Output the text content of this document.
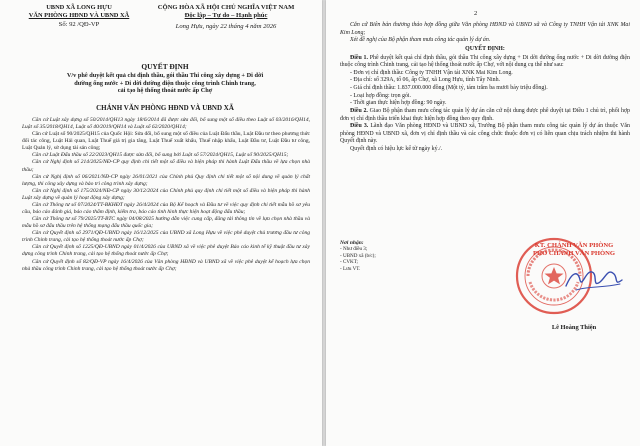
UBND XÃ LONG HỰU
VĂN PHÒNG HĐND VÀ UBND XÃ
Số: 92 /QĐ-VP
CỘNG HÒA XÃ HỘI CHỦ NGHĨA VIỆT NAM
Độc lập – Tự do – Hạnh phúc
Long Hựu, ngày 22 tháng 4 năm 2026
QUYẾT ĐỊNH
V/v phê duyệt kết quả chỉ định thầu, gói thầu Thi công xây dựng + Di dời
đường ống nước + Di dời đường điện thuộc công trình Chinh trang,
cải tạo hệ thống thoát nước ấp Chợ
CHÁNH VĂN PHÒNG HĐND VÀ UBND XÃ

Căn cứ Luật xây dựng số 50/2014/QH13 ngày 18/6/2014 đã được sửa đổi, bổ sung một số điều theo Luật số 03/2016/QH14, Luật số 35/2018/QH14, Luật số 40/2019/QH14 và Luật số 62/2020/QH14;

Căn cứ Luật số 90/2025/QH15 của Quốc Hội: Sửa đổi, bổ sung một số điều của Luật Đấu thầu, Luật Đầu tư theo phương thức đối tác công, Luật Hải quan, Luật Thuế giá trị gia tăng, Luật Thuế xuất khẩu, Thuế nhập khẩu, Luật Đầu tư, Luật Đầu tư công, Luật Quản lý, sử dụng tài sản công;

Căn cứ Luật Đấu thầu số 22/2023/QH15 được sửa đổi, bổ sung bởi Luật số 57/2024/QH15, Luật số 90/2025/QH15;

Căn cứ Nghị định số 214/2025/NĐ-CP quy định chi tiết một số điều và biện pháp thi hành Luật Đấu thầu về lựa chọn nhà thầu;

Căn cứ Nghị định số 06/2021/NĐ-CP ngày 26/01/2021 của Chính phủ Quy định chi tiết một số nội dung về quản lý chất lượng, thi công xây dựng và bảo trì công trình xây dựng;

Căn cứ Nghị định số 175/2024/NĐ-CP ngày 30/12/2024 của Chính phủ quy định chi tiết một số điều và biện pháp thi hành Luật xây dựng về quản lý hoạt động xây dựng;

Căn cứ Thông tư số 07/2024/TT-BKHĐT ngày 26/4/2024 của Bộ Kế hoạch và Đầu tư về việc quy định chi tiết mẫu hồ sơ yêu cầu, báo cáo đánh giá, báo cáo thẩm định, kiểm tra, báo cáo tình hình thực hiện hoạt động đấu thầu;

Căn cứ Thông tư số 79/2025/TT-BTC ngày 04/08/2025 hướng dẫn việc cung cấp, đăng tải thông tin về lựa chọn nhà thầu và mẫu hồ sơ đấu thầu trên hệ thống mạng đấu thầu quốc gia;

Căn cứ Quyết định số 2971/QĐ-UBND ngày 16/12/2025 của UBND xã Long Hựu về việc phê duyệt chủ trương đầu tư công trình Chinh trang, cải tạo hệ thống thoát nước ấp Chợ;

Căn cứ Quyết định số 1225/QĐ-UBND ngày 01/4/2026 của UBND xã về việc phê duyệt Báo cáo kinh tế kỹ thuật đầu tư xây dựng công trình Chinh trang, cải tạo hệ thống thoát nước ấp Chợ;

Căn cứ Quyết định số 82/QĐ-VP ngày 16/4/2026 của Văn phòng HĐND và UBND xã về việc phê duyệt kế hoạch lựa chọn nhà thầu công trình Chinh trang, cải tạo hệ thống thoát nước ấp Chợ;

2

Căn cứ Biên bản thương thảo hợp đồng giữa Văn phòng HĐND và UBND xã và Công ty TNHH Vận tải XNK Mai Kim Long;

Xét đề nghị của Bộ phận tham mưu công tác quản lý dự án.

QUYẾT ĐỊNH:

Điều 1. Phê duyệt kết quả chỉ định thầu, gói thầu Thi công xây dựng + Di dời đường ống nước + Di dời đường điện thuộc công trình Chinh trang, cải tạo hệ thống thoát nước ấp Chợ, với nội dung cụ thể như sau:

- Đơn vị chỉ định thầu: Công ty TNHH Vận tải XNK Mai Kim Long.

- Địa chỉ: số 329A, tổ 06, ấp Chợ, xã Long Hựu, tỉnh Tây Ninh.

- Giá chỉ định thầu: 1.837.000.000 đồng (Một tỷ, tám trăm ba mươi bảy triệu đồng).

- Loại hợp đồng: trọn gói.

- Thời gian thực hiện hợp đồng: 90 ngày.

Điều 2. Giao Bộ phận tham mưu công tác quản lý dự án căn cứ nội dung được phê duyệt tại Điều 1 chủ trì, phối hợp đơn vị chỉ định thầu triển khai thực hiện hợp đồng theo quy định.

Điều 3. Lãnh đạo Văn phòng HĐND và UBND xã, Trưởng Bộ phận tham mưu công tác quản lý dự án thuộc Văn phòng HĐND và UBND xã, đơn vị chỉ định thầu và các công chức thuộc đơn vị có liên quan chịu trách nhiệm thi hành Quyết định này.

Quyết định có hiệu lực kể từ ngày ký./.

Nơi nhận:
- Như điều 3;
- UBND xã (b/c);
- CVKT;
- Lưu VT.
KT. CHÁNH VĂN PHÒNG
PHÓ CHÁNH VĂN PHÒNG
Lê Hoàng Thiện
